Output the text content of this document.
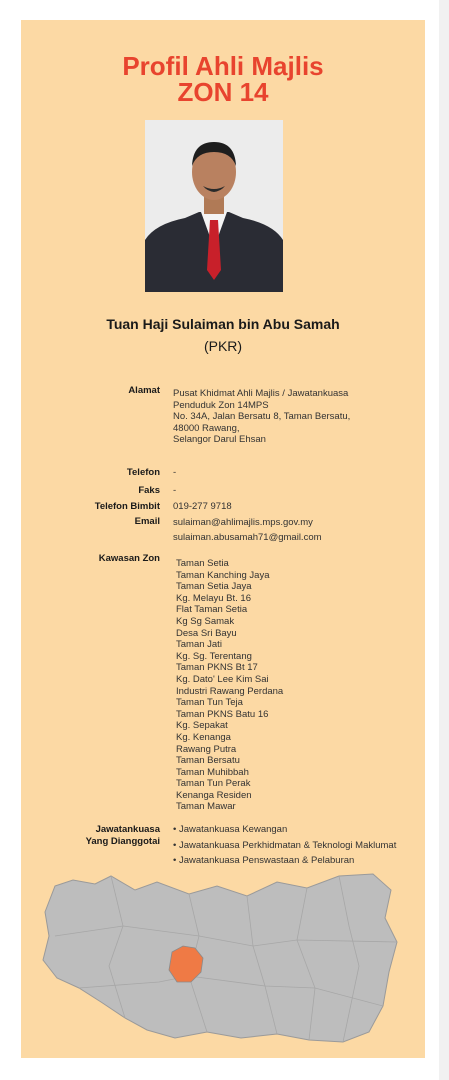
Profil Ahli Majlis
ZON 14
Tuan Haji Sulaiman bin Abu Samah
(PKR)
Alamat Pusat Khidmat Ahli Majlis / Jawatankuasa
Penduduk Zon 14MPS
No. 34A, Jalan Bersatu 8, Taman Bersatu,
48000 Rawang,
Selangor Darul Ehsan
Telefon -
Faks -
Telefon Bimbit 019-277 9718
Email sulaiman@ahlimajlis.mps.gov.my
sulaiman.abusamah71@gmail.com
Kawasan Zon Taman Setia
Taman Kanching Jaya
Taman Setia Jaya
Kg. Melayu Bt. 16
Flat Taman Setia
Kg Sg Samak
Desa Sri Bayu
Taman Jati
Kg. Sg. Terentang
Taman PKNS Bt 17
Kg. Dato' Lee Kim Sai
Industri Rawang Perdana
Taman Tun Teja
Taman PKNS Batu 16
Kg. Sepakat
Kg. Kenanga
Rawang Putra
Taman Bersatu
Taman Muhibbah
Taman Tun Perak
Kenanga Residen
Taman Mawar
Jawatankuasa
Yang Dianggotai
• Jawatankuasa Kewangan
• Jawatankuasa Perkhidmatan & Teknologi Maklumat
• Jawatankuasa Penswastaan & Pelaburan
